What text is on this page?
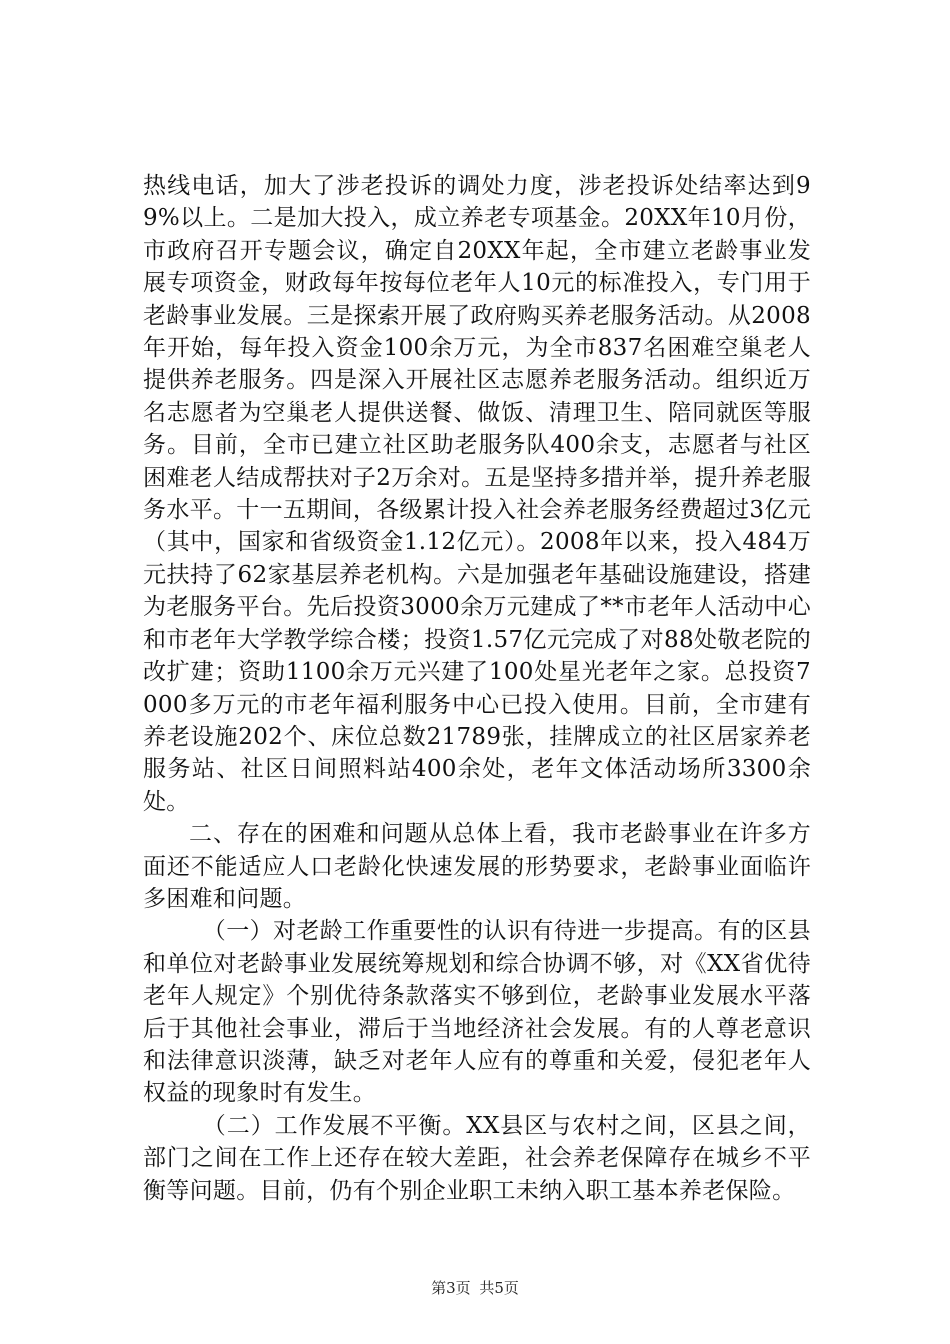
热线电话，加大了涉老投诉的调处力度，涉老投诉处结率达到99%以上。二是加大投入，成立养老专项基金。20XX年10月份，市政府召开专题会议，确定自20XX年起，全市建立老龄事业发展专项资金，财政每年按每位老年人10元的标准投入，专门用于老龄事业发展。三是探索开展了政府购买养老服务活动。从2008年开始，每年投入资金100余万元，为全市837名困难空巢老人提供养老服务。四是深入开展社区志愿养老服务活动。组织近万名志愿者为空巢老人提供送餐、做饭、清理卫生、陪同就医等服务。目前，全市已建立社区助老服务队400余支，志愿者与社区困难老人结成帮扶对子2万余对。五是坚持多措并举，提升养老服务水平。十一五期间，各级累计投入社会养老服务经费超过3亿元（其中，国家和省级资金1.12亿元）。2008年以来，投入484万元扶持了62家基层养老机构。六是加强老年基础设施建设，搭建为老服务平台。先后投资3000余万元建成了**市老年人活动中心和市老年大学教学综合楼；投资1.57亿元完成了对88处敬老院的改扩建；资助1100余万元兴建了100处星光老年之家。总投资7000多万元的市老年福利服务中心已投入使用。目前，全市建有养老设施202个、床位总数21789张，挂牌成立的社区居家养老服务站、社区日间照料站400余处，老年文体活动场所3300余处。

二、存在的困难和问题从总体上看，我市老龄事业在许多方面还不能适应人口老龄化快速发展的形势要求，老龄事业面临许多困难和问题。

（一）对老龄工作重要性的认识有待进一步提高。有的区县和单位对老龄事业发展统筹规划和综合协调不够，对《XX省优待老年人规定》个别优待条款落实不够到位，老龄事业发展水平落后于其他社会事业，滞后于当地经济社会发展。有的人尊老意识和法律意识淡薄，缺乏对老年人应有的尊重和关爱，侵犯老年人权益的现象时有发生。

（二）工作发展不平衡。XX县区与农村之间，区县之间，部门之间在工作上还存在较大差距，社会养老保障存在城乡不平衡等问题。目前，仍有个别企业职工未纳入职工基本养老保险。

第3页 共5页
